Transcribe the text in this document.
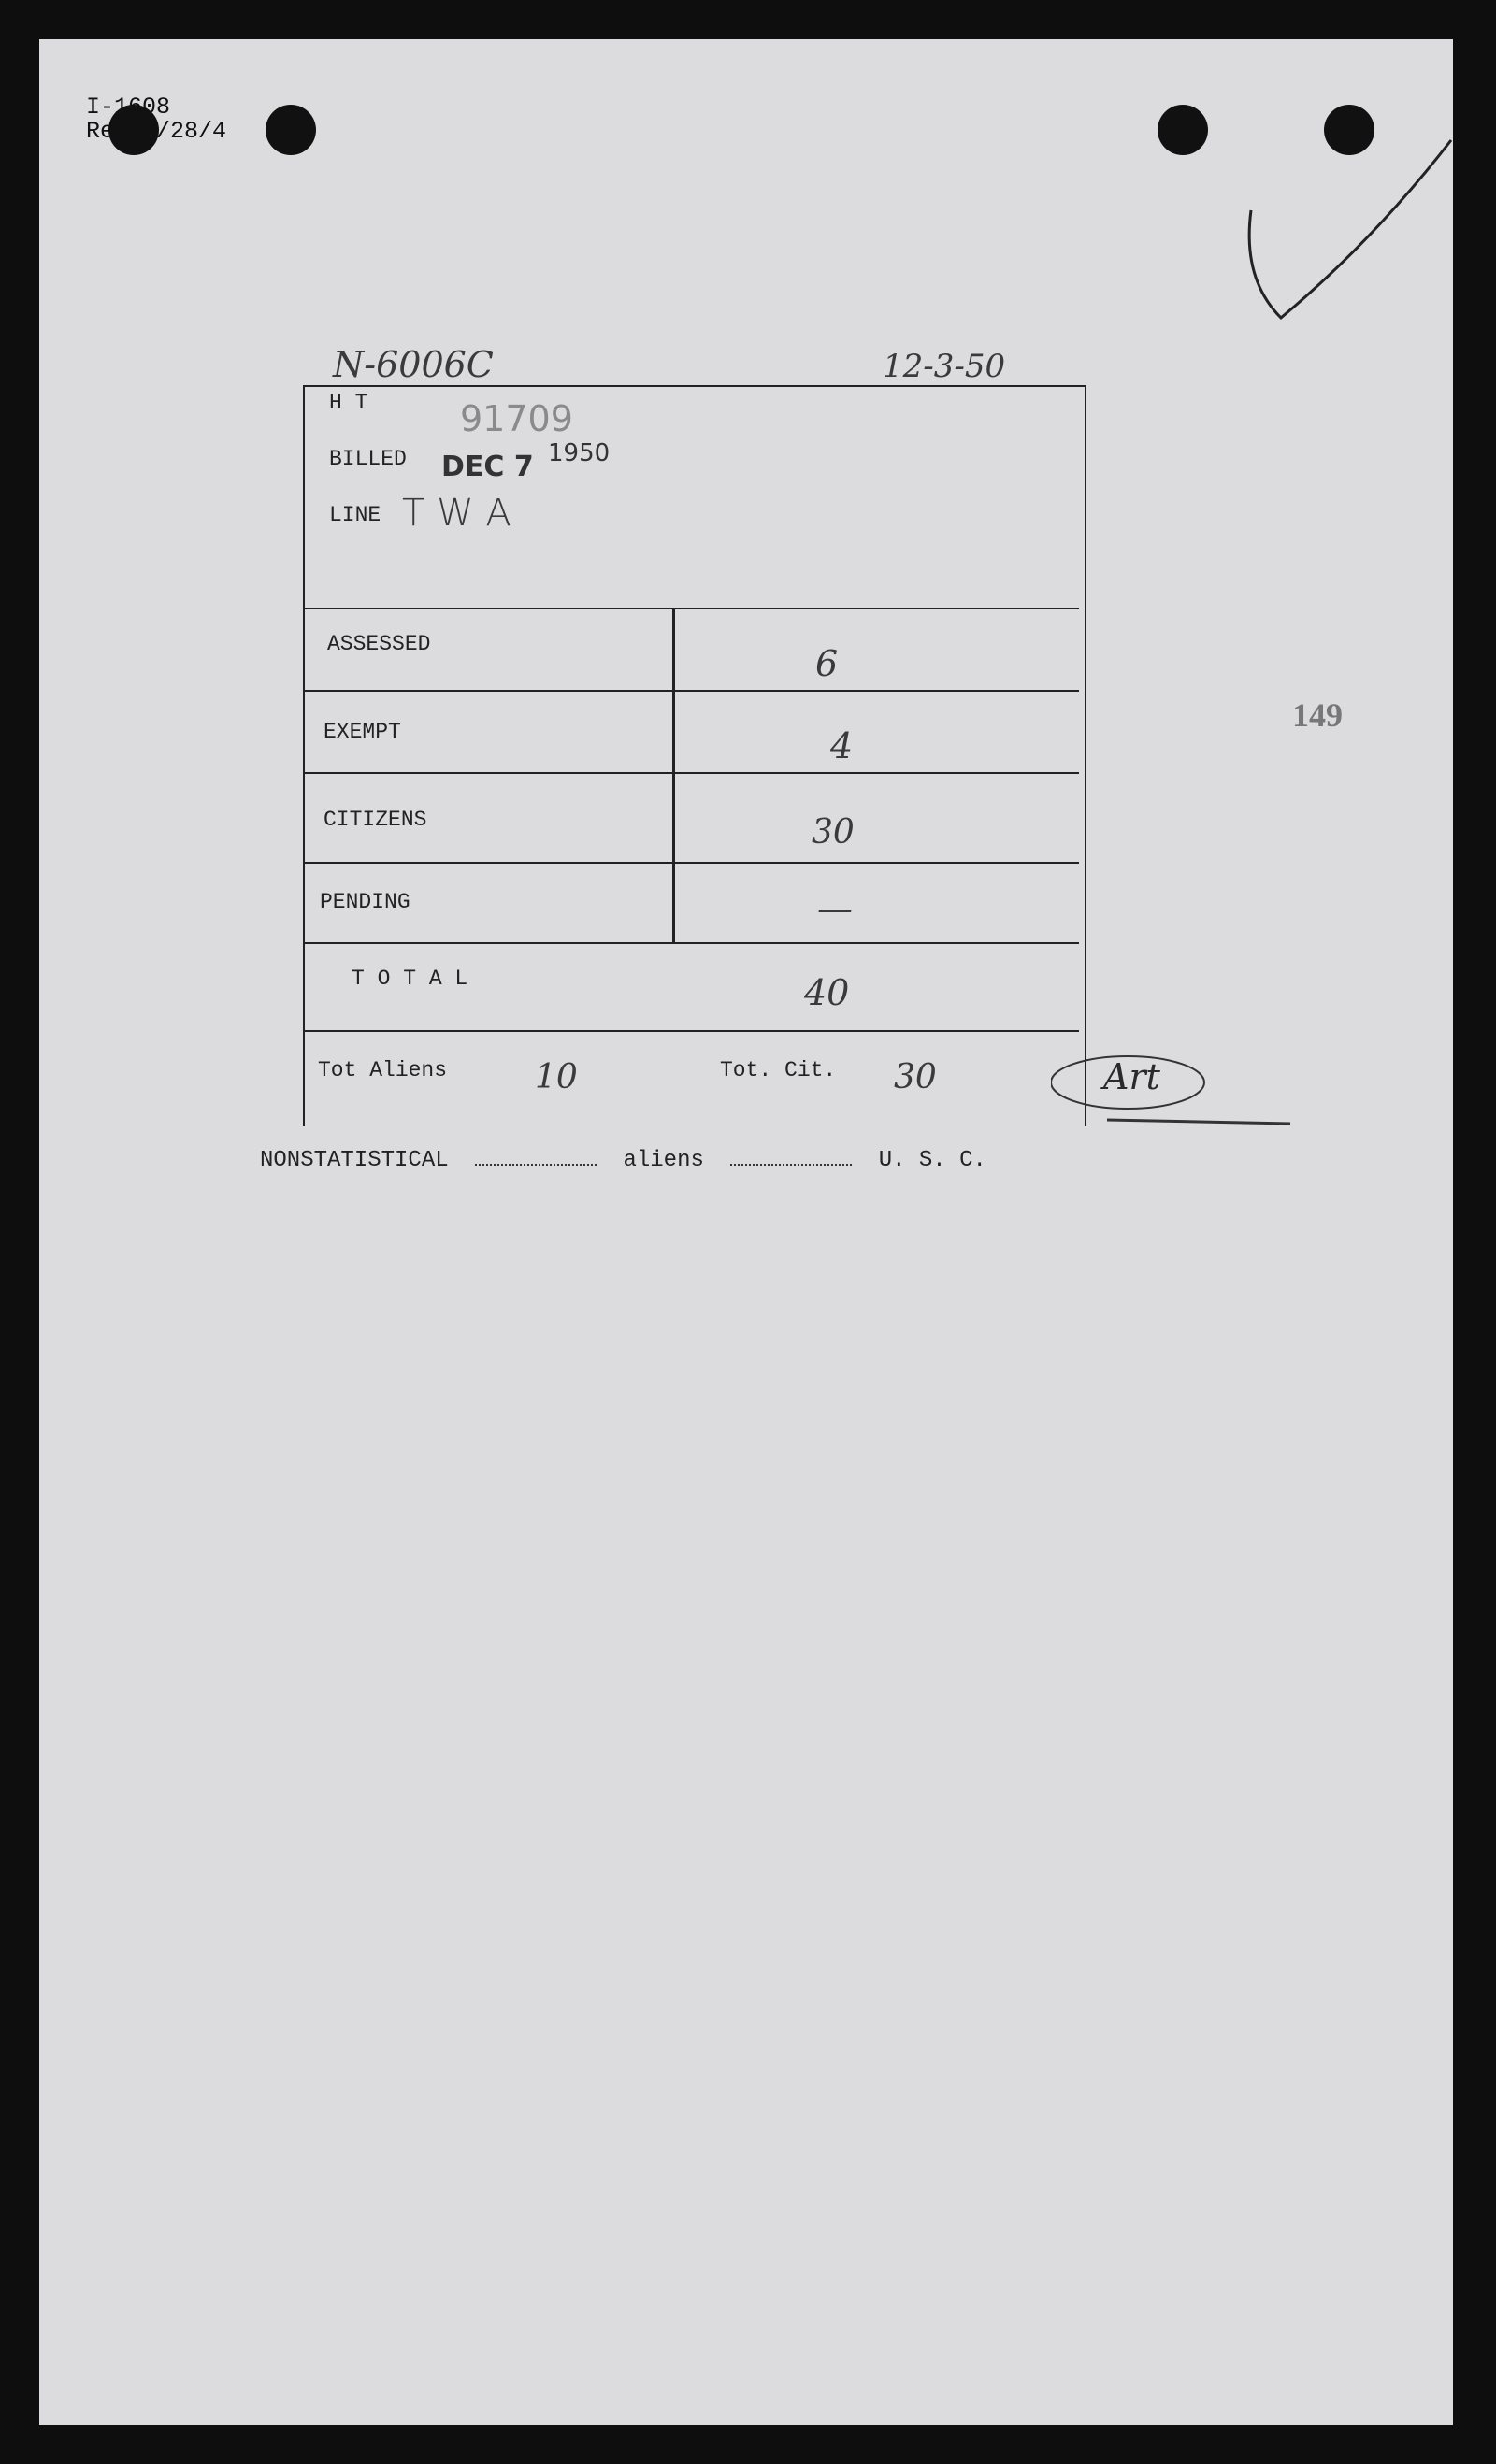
I-1608
Rev 1/28/4
N-6006C	12-3-50
H T	91709
BILLED DEC 7 1950
LINE T W A
ASSESSED	6
EXEMPT	4
CITIZENS	30
PENDING	—
T O T A L	40
Tot Aliens	10	Tot. Cit. 30	Art
NONSTATISTICAL	aliens	U. S. C.
149
